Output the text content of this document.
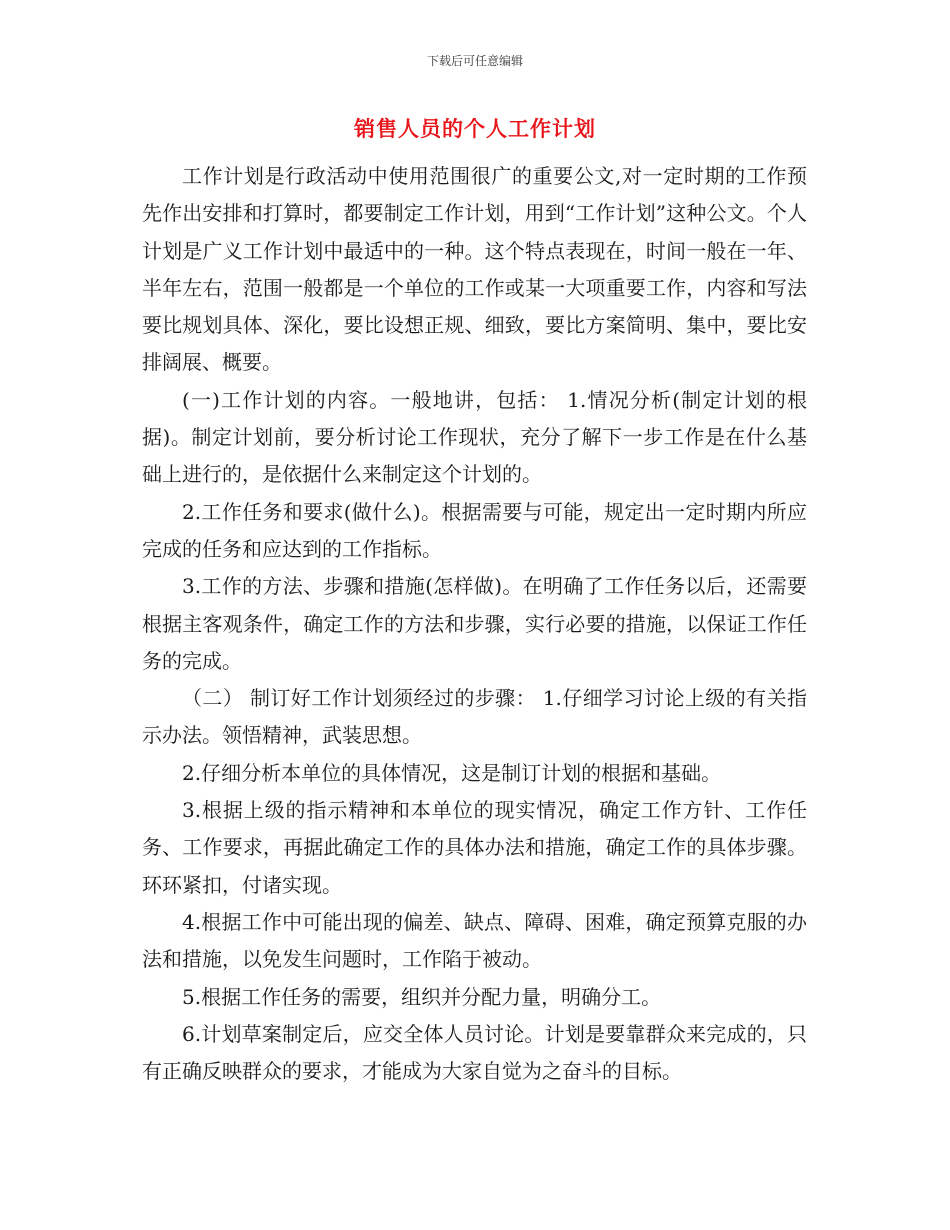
下载后可任意编辑
销售人员的个人工作计划

工作计划是行政活动中使用范围很广的重要公文,对一定时期的工作预先作出安排和打算时，都要制定工作计划，用到“工作计划”这种公文。个人计划是广义工作计划中最适中的一种。这个特点表现在，时间一般在一年、半年左右，范围一般都是一个单位的工作或某一大项重要工作，内容和写法要比规划具体、深化，要比设想正规、细致，要比方案简明、集中，要比安排阔展、概要。

(一)工作计划的内容。一般地讲，包括： 1.情况分析(制定计划的根据)。制定计划前，要分析讨论工作现状，充分了解下一步工作是在什么基础上进行的，是依据什么来制定这个计划的。

2.工作任务和要求(做什么)。根据需要与可能，规定出一定时期内所应完成的任务和应达到的工作指标。

3.工作的方法、步骤和措施(怎样做)。在明确了工作任务以后，还需要根据主客观条件，确定工作的方法和步骤，实行必要的措施，以保证工作任务的完成。

（二） 制订好工作计划须经过的步骤： 1.仔细学习讨论上级的有关指示办法。领悟精神，武装思想。

2.仔细分析本单位的具体情况，这是制订计划的根据和基础。

3.根据上级的指示精神和本单位的现实情况，确定工作方针、工作任务、工作要求，再据此确定工作的具体办法和措施，确定工作的具体步骤。环环紧扣，付诸实现。

4.根据工作中可能出现的偏差、缺点、障碍、困难，确定预算克服的办法和措施，以免发生问题时，工作陷于被动。

5.根据工作任务的需要，组织并分配力量，明确分工。

6.计划草案制定后，应交全体人员讨论。计划是要靠群众来完成的，只有正确反映群众的要求，才能成为大家自觉为之奋斗的目标。
